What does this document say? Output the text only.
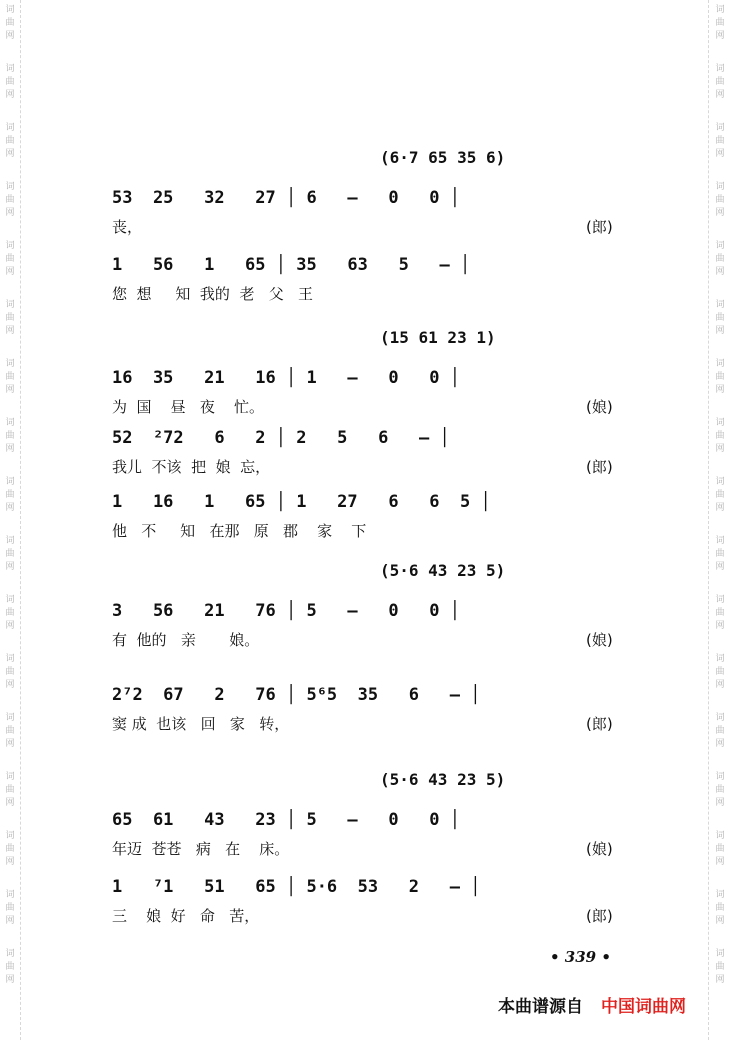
词
曲
网
词
曲
网
词
曲
网
词
曲
网
词
曲
网
词
曲
网
词
曲
网
词
曲
网
词
曲
网
词
曲
网
词
曲
网
词
曲
网
词
曲
网
词
曲
网
词
曲
网
词
曲
网
词
曲
网
词
曲
网
词
曲
网
词
曲
网
词
曲
网
词
曲
网
词
曲
网
词
曲
网
词
曲
网
词
曲
网
词
曲
网
词
曲
网
词
曲
网
词
曲
网
词
曲
网
词
曲
网
词
曲
网
词
曲
网
(6·7 65 35 6)
53  25   32   27 │ 6   —   0   0 │
丧，	(郎)
1   56   1   65 │ 35   63   5   — │
您  想     知  我的  老   父   王
(15 61 23 1)
16  35   21   16 │ 1   —   0   0 │
为  国    昼   夜    忙。	(娘)
52  ²72   6   2 │ 2   5   6   — │
我儿  不该  把  娘  忘，	(郎)
1   16   1   65 │ 1   27   6   6  5 │
他   不     知   在那   原   郡    家    下
(5·6 43 23 5)
3   56   21   76 │ 5   —   0   0 │
有  他的   亲       娘。	(娘)
2⁷2  67   2   76 │ 5⁶5  35   6   — │
窦 成  也该   回   家   转，	(郎)
(5·6 43 23 5)
65  61   43   23 │ 5   —   0   0 │
年迈  苍苍   病   在    床。	(娘)
1   ⁷1   51   65 │ 5·6  53   2   — │
三    娘  好   命   苦，	(郎)
• 339 •
本曲谱源自 中国词曲网
